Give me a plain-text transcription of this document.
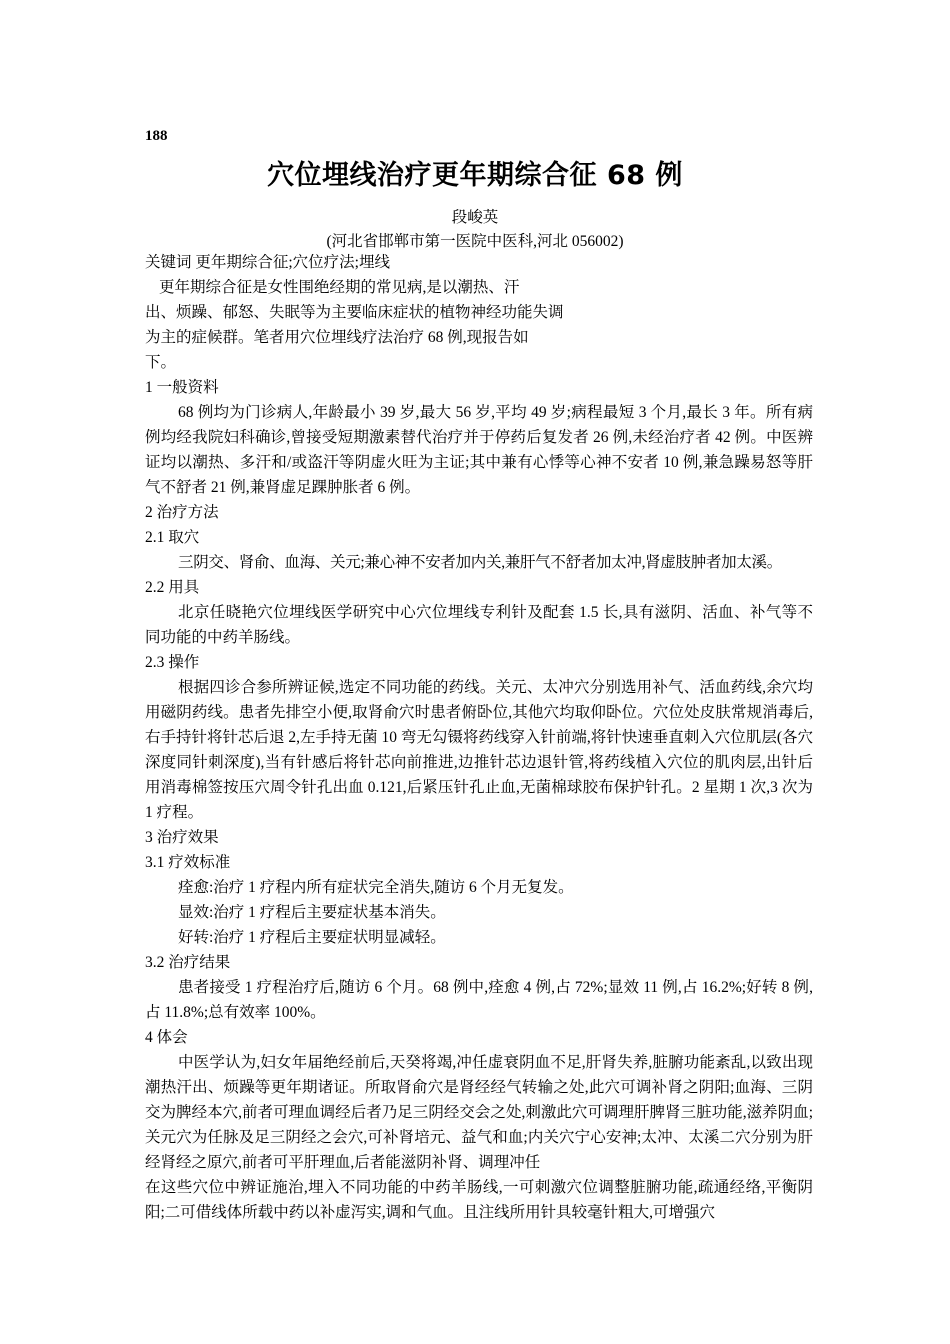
188
穴位埋线治疗更年期综合征 68 例
段峻英
(河北省邯郸市第一医院中医科,河北 056002)
关键词 更年期综合征;穴位疗法;埋线
更年期综合征是女性围绝经期的常见病,是以潮热、汗
出、烦躁、郁怒、失眠等为主要临床症状的植物神经功能失调
为主的症候群。笔者用穴位埋线疗法治疗 68 例,现报告如
下。
1 一般资料

68 例均为门诊病人,年龄最小 39 岁,最大 56 岁,平均 49 岁;病程最短 3 个月,最长 3 年。所有病例均经我院妇科确诊,曾接受短期激素替代治疗并于停药后复发者 26 例,未经治疗者 42 例。中医辨证均以潮热、多汗和/或盗汗等阴虚火旺为主证;其中兼有心悸等心神不安者 10 例,兼急躁易怒等肝气不舒者 21 例,兼肾虚足踝肿胀者 6 例。

2 治疗方法
2.1 取穴

三阴交、肾俞、血海、关元;兼心神不安者加内关,兼肝气不舒者加太冲,肾虚肢肿者加太溪。

2.2 用具

北京任晓艳穴位埋线医学研究中心穴位埋线专利针及配套 1.5 长,具有滋阴、活血、补气等不同功能的中药羊肠线。

2.3 操作

根据四诊合参所辨证候,选定不同功能的药线。关元、太冲穴分别选用补气、活血药线,余穴均用磁阴药线。患者先排空小便,取肾俞穴时患者俯卧位,其他穴均取仰卧位。穴位处皮肤常规消毒后,右手持针将针芯后退 2,左手持无菌 10 弯无勾镊将药线穿入针前端,将针快速垂直刺入穴位肌层(各穴深度同针刺深度),当有针感后将针芯向前推进,边推针芯边退针管,将药线植入穴位的肌肉层,出针后用消毒棉签按压穴周令针孔出血 0.121,后紧压针孔止血,无菌棉球胶布保护针孔。2 星期 1 次,3 次为 1 疗程。

3 治疗效果
3.1 疗效标准

痊愈:治疗 1 疗程内所有症状完全消失,随访 6 个月无复发。

显效:治疗 1 疗程后主要症状基本消失。

好转:治疗 1 疗程后主要症状明显减轻。

3.2 治疗结果

患者接受 1 疗程治疗后,随访 6 个月。68 例中,痊愈 4 例,占 72%;显效 11 例,占 16.2%;好转 8 例,占 11.8%;总有效率 100%。

4 体会

中医学认为,妇女年届绝经前后,天癸将竭,冲任虚衰阴血不足,肝肾失养,脏腑功能紊乱,以致出现潮热汗出、烦躁等更年期诸证。所取肾俞穴是肾经经气转输之处,此穴可调补肾之阴阳;血海、三阴交为脾经本穴,前者可理血调经后者乃足三阴经交会之处,刺激此穴可调理肝脾肾三脏功能,滋养阴血;关元穴为任脉及足三阴经之会穴,可补肾培元、益气和血;内关穴宁心安神;太冲、太溪二穴分别为肝经肾经之原穴,前者可平肝理血,后者能滋阴补肾、调理冲任

在这些穴位中辨证施治,埋入不同功能的中药羊肠线,一可刺激穴位调整脏腑功能,疏通经络,平衡阴阳;二可借线体所载中药以补虚泻实,调和气血。且注线所用针具较毫针粗大,可增强穴
